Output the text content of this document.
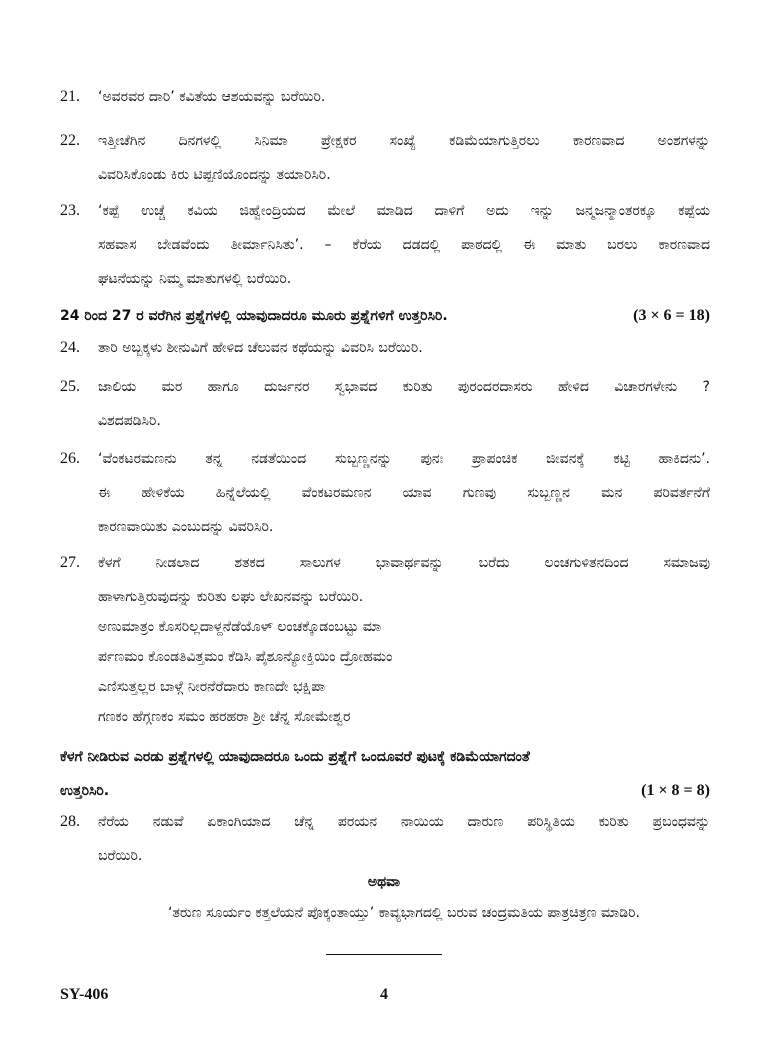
21.	‘ಅವರವರ ದಾರಿ’ ಕವಿತೆಯ ಆಶಯವನ್ನು ಬರೆಯಿರಿ.
22.	ಇತ್ತೀಚೆಗಿನ ದಿನಗಳಲ್ಲಿ ಸಿನಿಮಾ ಪ್ರೇಕ್ಷಕರ ಸಂಖ್ಯೆ ಕಡಿಮೆಯಾಗುತ್ತಿರಲು ಕಾರಣವಾದ ಅಂಶಗಳನ್ನು
ವಿವರಿಸಿಕೊಂಡು ಕಿರು ಟಿಪ್ಪಣಿಯೊಂದನ್ನು ತಯಾರಿಸಿರಿ.
23.	‘ಕಪ್ಪೆ ಉಚ್ಚೆ ಕವಿಯ ಜಿಹ್ವೇಂದ್ರಿಯದ ಮೇಲೆ ಮಾಡಿದ ದಾಳಿಗೆ ಅದು ಇನ್ನು ಜನ್ಮಜನ್ಮಾಂತರಕ್ಕೂ ಕಪ್ಪೆಯ
ಸಹವಾಸ ಬೇಡವೆಂದು ತೀರ್ಮಾನಿಸಿತು’. – ಕೆರೆಯ ದಡದಲ್ಲಿ ಪಾಠದಲ್ಲಿ ಈ ಮಾತು ಬರಲು ಕಾರಣವಾದ
ಘಟನೆಯನ್ನು ನಿಮ್ಮ ಮಾತುಗಳಲ್ಲಿ ಬರೆಯಿರಿ.
24 ರಿಂದ 27 ರ ವರೆಗಿನ ಪ್ರಶ್ನೆಗಳಲ್ಲಿ ಯಾವುದಾದರೂ ಮೂರು ಪ್ರಶ್ನೆಗಳಿಗೆ ಉತ್ತರಿಸಿರಿ.	(3 × 6 = 18)
24.	ತಾರಿ ಅಬ್ಬಕ್ಕಳು ಶೀನುವಿಗೆ ಹೇಳಿದ ಚೆಲುವನ ಕಥೆಯನ್ನು ವಿವರಿಸಿ ಬರೆಯಿರಿ.
25.	ಜಾಲಿಯ ಮರ ಹಾಗೂ ದುರ್ಜನರ ಸ್ವಭಾವದ ಕುರಿತು ಪುರಂದರದಾಸರು ಹೇಳಿದ ವಿಚಾರಗಳೇನು ?
ವಿಶದಪಡಿಸಿರಿ.
26.	‘ವೆಂಕಟರಮಣನು ತನ್ನ ನಡತೆಯಿಂದ ಸುಬ್ಬಣ್ಣನನ್ನು ಪುನಃ ಪ್ರಾಪಂಚಿಕ ಜೀವನಕ್ಕೆ ಕಟ್ಟಿ ಹಾಕಿದನು’.
ಈ ಹೇಳಿಕೆಯ ಹಿನ್ನೆಲೆಯಲ್ಲಿ ವೆಂಕಟರಮಣನ ಯಾವ ಗುಣವು ಸುಬ್ಬಣ್ಣನ ಮನ ಪರಿವರ್ತನೆಗೆ
ಕಾರಣವಾಯಿತು ಎಂಬುದನ್ನು ವಿವರಿಸಿರಿ.
27.	ಕೆಳಗೆ ನೀಡಲಾದ ಶತಕದ ಸಾಲುಗಳ ಭಾವಾರ್ಥವನ್ನು ಬರೆದು ಲಂಚಗುಳಿತನದಿಂದ ಸಮಾಜವು
ಹಾಳಾಗುತ್ತಿರುವುದನ್ನು ಕುರಿತು ಲಘು ಲೇಖನವನ್ನು ಬರೆಯಿರಿ.
ಅಣುಮಾತ್ರಂ ಕೊಸರಿಲ್ಲದಾಳ್ದನೆಡೆಯೊಳ್ ಲಂಚಕ್ಕೊಡಂಬಟ್ಟು ಮಾ
ರ್ಪಣಮಂ ಕೊಂಡತಿವಿತ್ತಮಂ ಕೆಡಿಸಿ ಪೈಶೂನ್ಯೋಕ್ತಿಯಿಂ ದ್ರೋಹಮಂ
ಎಣಿಸುತ್ತಲ್ಲರ ಬಾಳ್ಗೆ ನೀರನೆರೆದಾರು ಕಾಣದೇ ಭಕ್ಷಿಪಾ
ಗಣಕಂ ಹೆಗ್ಗಣಕಂ ಸಮಂ ಹರಹರಾ ಶ್ರೀ ಚೆನ್ನ ಸೋಮೇಶ್ವರ
ಕೆಳಗೆ ನೀಡಿರುವ ಎರಡು ಪ್ರಶ್ನೆಗಳಲ್ಲಿ ಯಾವುದಾದರೂ ಒಂದು ಪ್ರಶ್ನೆಗೆ ಒಂದೂವರೆ ಪುಟಕ್ಕೆ ಕಡಿಮೆಯಾಗದಂತೆ
ಉತ್ತರಿಸಿರಿ.	(1 × 8 = 8)
28.	ನೆರೆಯ ನಡುವೆ ಏಕಾಂಗಿಯಾದ ಚೆನ್ನ ಪರಯನ ನಾಯಿಯ ದಾರುಣ ಪರಿಸ್ಥಿತಿಯ ಕುರಿತು ಪ್ರಬಂಧವನ್ನು
ಬರೆಯಿರಿ.
ಅಥವಾ
‘ತರುಣ ಸೂರ್ಯಂ ಕತ್ತಲೆಯನೆ ಪೊಕ್ಕಂತಾಯ್ತು’ ಕಾವ್ಯಭಾಗದಲ್ಲಿ ಬರುವ ಚಂದ್ರಮತಿಯ ಪಾತ್ರಚಿತ್ರಣ ಮಾಡಿರಿ.
SY-406	4
